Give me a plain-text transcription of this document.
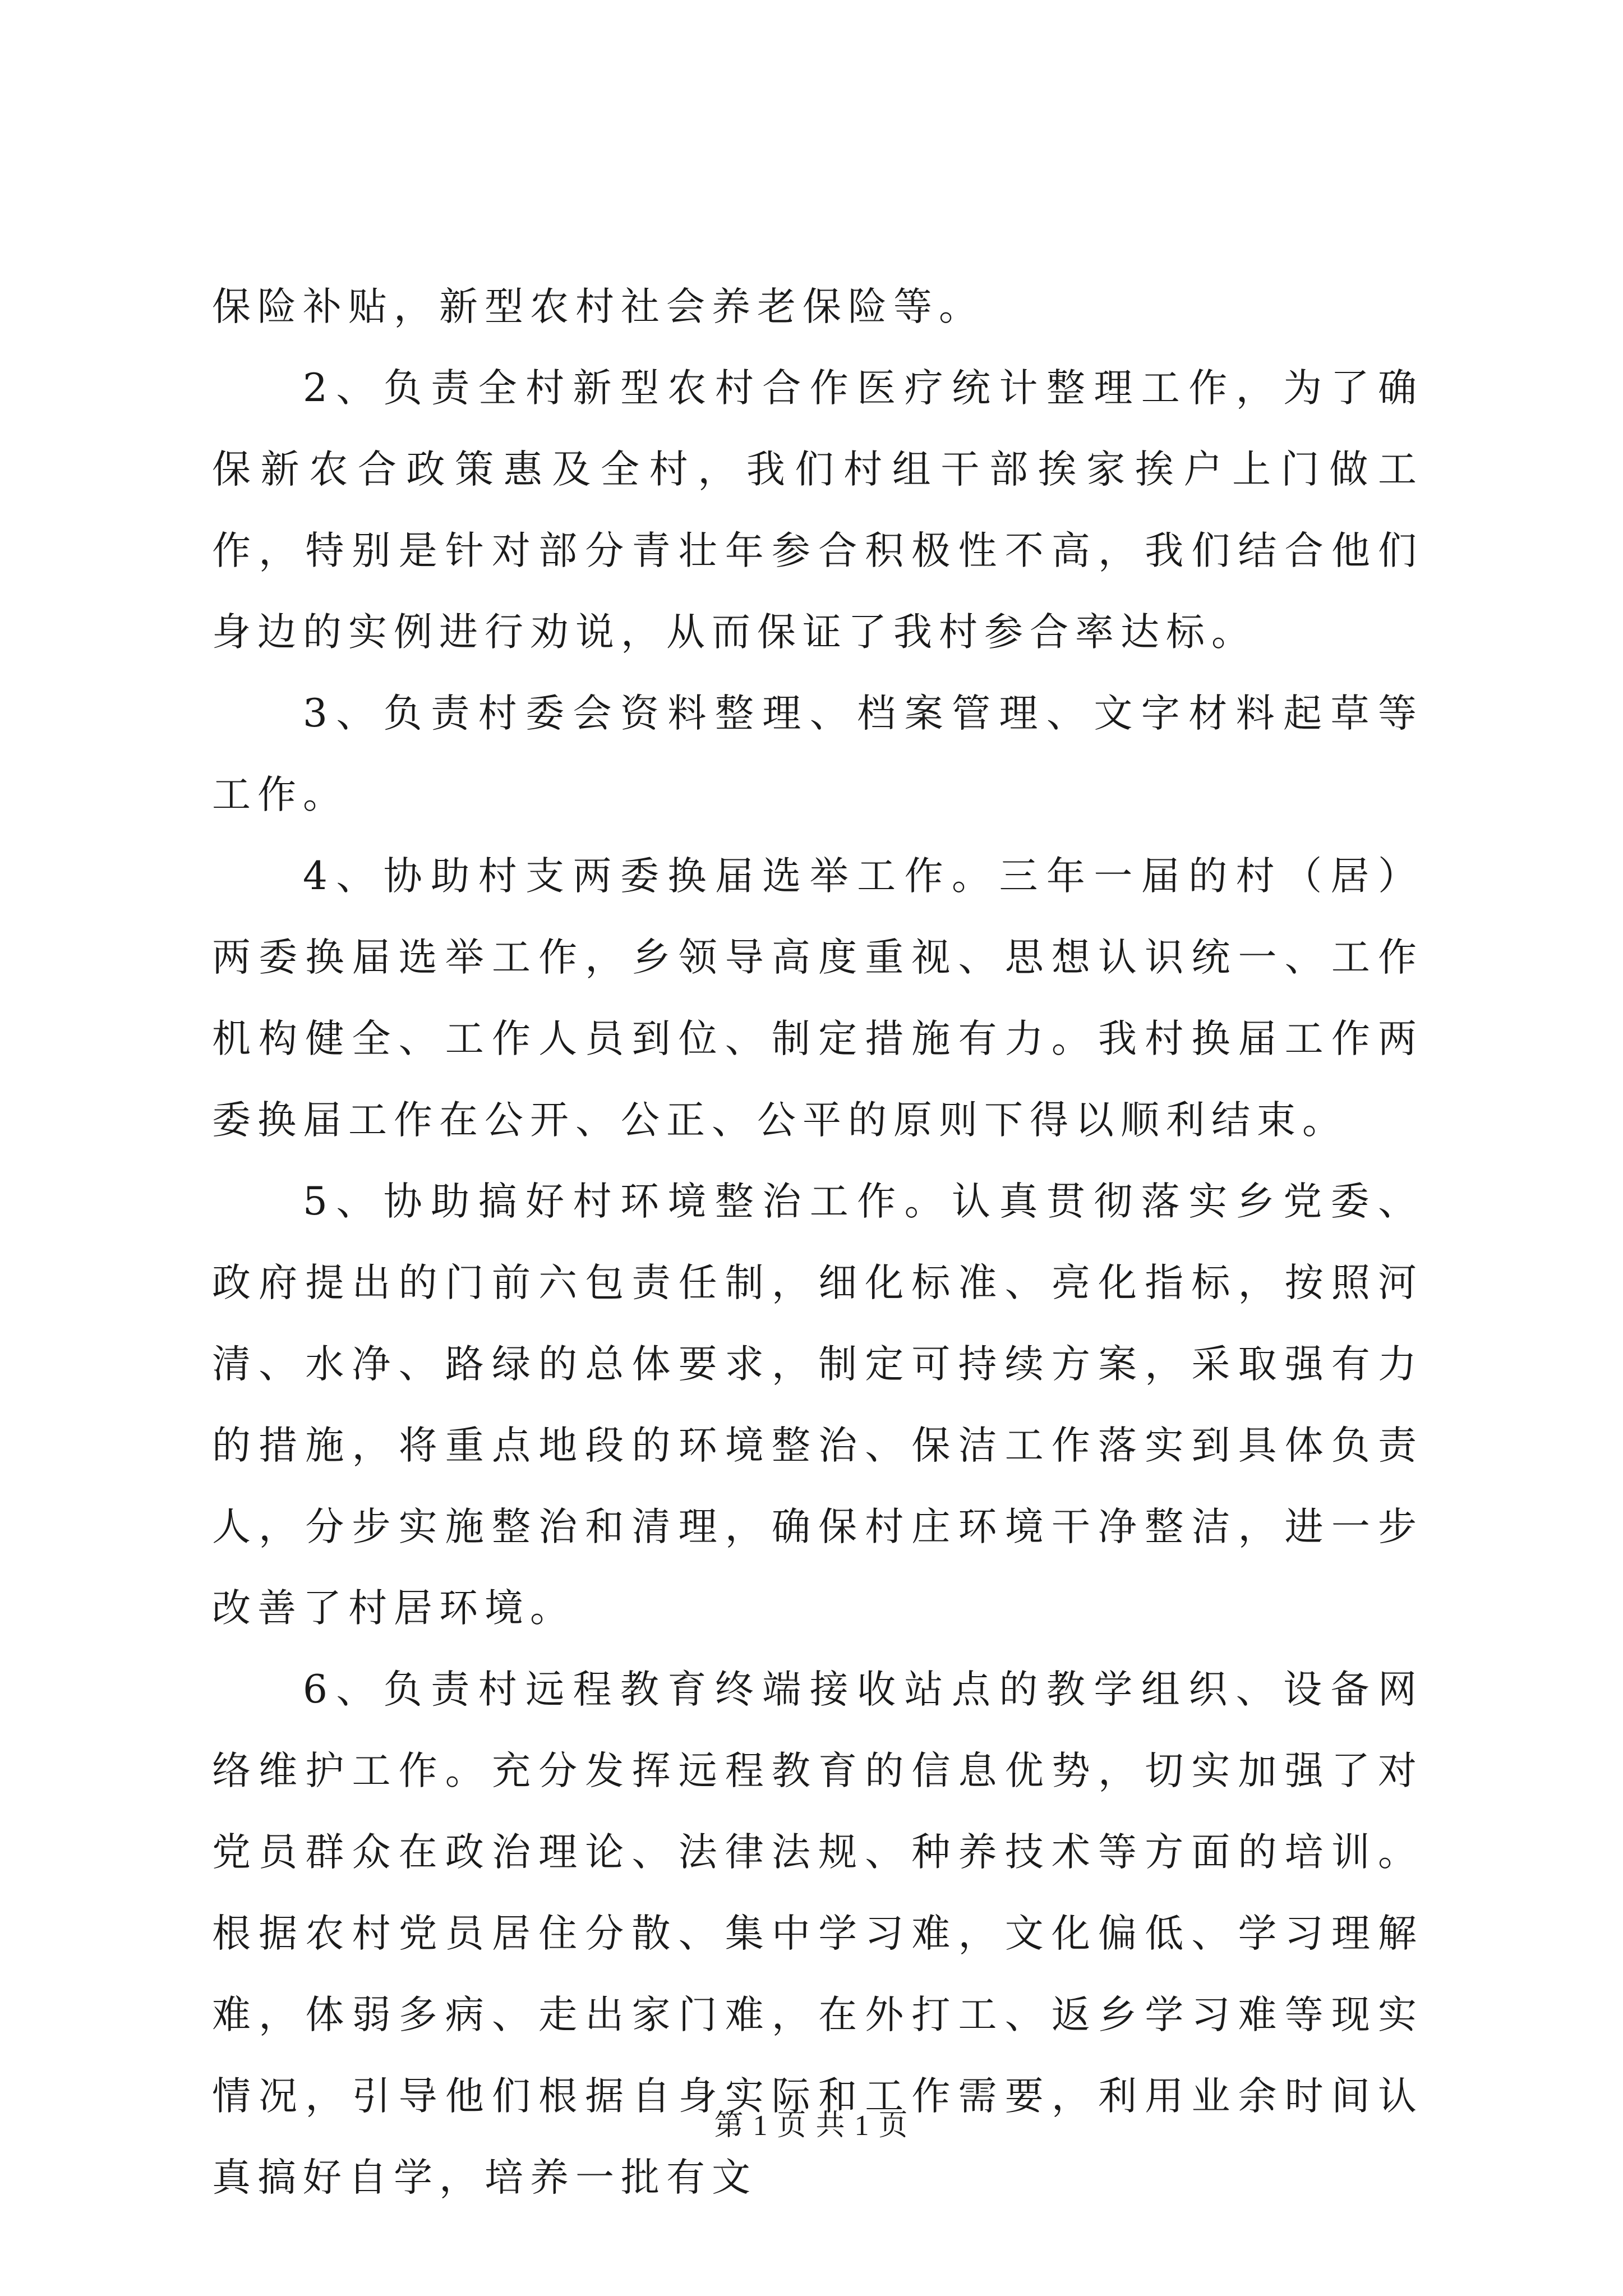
保险补贴，新型农村社会养老保险等。

2、负责全村新型农村合作医疗统计整理工作，为了确保新农合政策惠及全村，我们村组干部挨家挨户上门做工作，特别是针对部分青壮年参合积极性不高，我们结合他们身边的实例进行劝说，从而保证了我村参合率达标。

3、负责村委会资料整理、档案管理、文字材料起草等工作。

4、协助村支两委换届选举工作。三年一届的村（居）两委换届选举工作，乡领导高度重视、思想认识统一、工作机构健全、工作人员到位、制定措施有力。我村换届工作两委换届工作在公开、公正、公平的原则下得以顺利结束。

5、协助搞好村环境整治工作。认真贯彻落实乡党委、政府提出的门前六包责任制，细化标准、亮化指标，按照河清、水净、路绿的总体要求，制定可持续方案，采取强有力的措施，将重点地段的环境整治、保洁工作落实到具体负责人，分步实施整治和清理，确保村庄环境干净整洁，进一步改善了村居环境。

6、负责村远程教育终端接收站点的教学组织、设备网络维护工作。充分发挥远程教育的信息优势，切实加强了对党员群众在政治理论、法律法规、种养技术等方面的培训。根据农村党员居住分散、集中学习难，文化偏低、学习理解难，体弱多病、走出家门难，在外打工、返乡学习难等现实情况，引导他们根据自身实际和工作需要，利用业余时间认真搞好自学，培养一批有文

第 1 页 共 1 页
